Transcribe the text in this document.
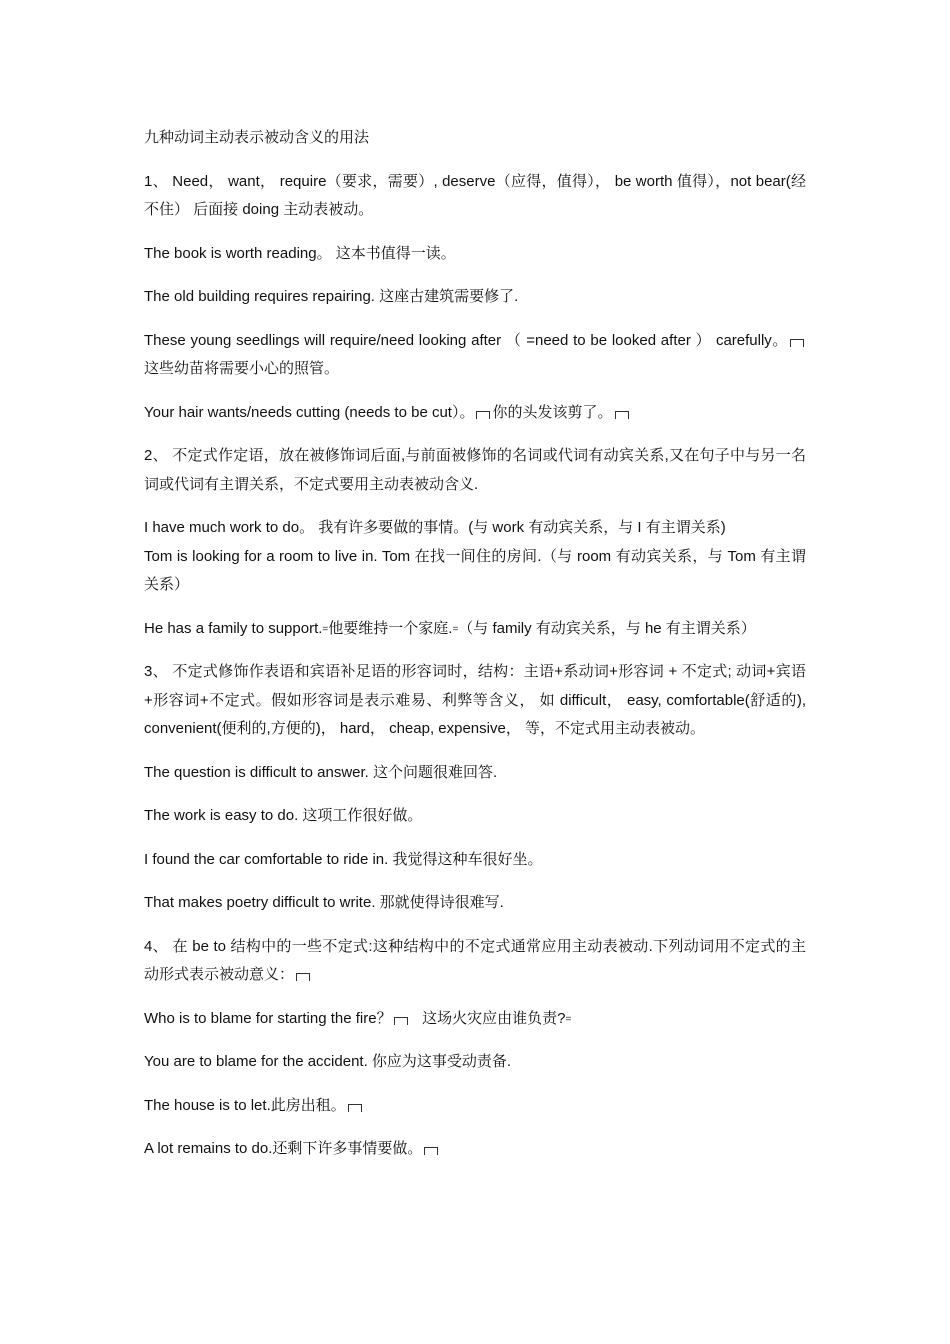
九种动词主动表示被动含义的用法

1、 Need， want， require（要求，需要）, deserve（应得，值得）， be worth 值得），not bear(经不住） 后面接 doing 主动表被动。

The book is worth reading。 这本书值得一读。

The old building requires repairing. 这座古建筑需要修了.

These young seedlings will require/need looking after （ =need to be looked after ） carefully。这些幼苗将需要小心的照管。

Your hair wants/needs cutting (needs to be cut）。 你的头发该剪了。

2、 不定式作定语，放在被修饰词后面,与前面被修饰的名词或代词有动宾关系,又在句子中与另一名词或代词有主谓关系，不定式要用主动表被动含义.

I have much work to do。 我有许多要做的事情。(与 work 有动宾关系，与 I 有主谓关系)

Tom is looking for a room to live in. Tom 在找一间住的房间.（与 room 有动宾关系，与 Tom 有主谓关系）

He has a family to support.=他要维持一个家庭.=（与 family 有动宾关系，与 he 有主谓关系）

3、 不定式修饰作表语和宾语补足语的形容词时，结构：主语+系动词+形容词 + 不定式; 动词+宾语+形容词+不定式。假如形容词是表示难易、利弊等含义， 如 difficult， easy, comfortable(舒适的), convenient(便利的,方便的)， hard， cheap, expensive， 等，不定式用主动表被动。

The question is difficult to answer. 这个问题很难回答.

The work is easy to do. 这项工作很好做。

I found the car comfortable to ride in. 我觉得这种车很好坐。

That makes poetry difficult to write. 那就使得诗很难写.

4、 在 be to 结构中的一些不定式:这种结构中的不定式通常应用主动表被动.下列动词用不定式的主动形式表示被动意义：

Who is to blame for starting the fire？ 这场火灾应由谁负责?=

You are to blame for the accident. 你应为这事受动责备.

The house is to let.此房出租。

A lot remains to do.还剩下许多事情要做。
